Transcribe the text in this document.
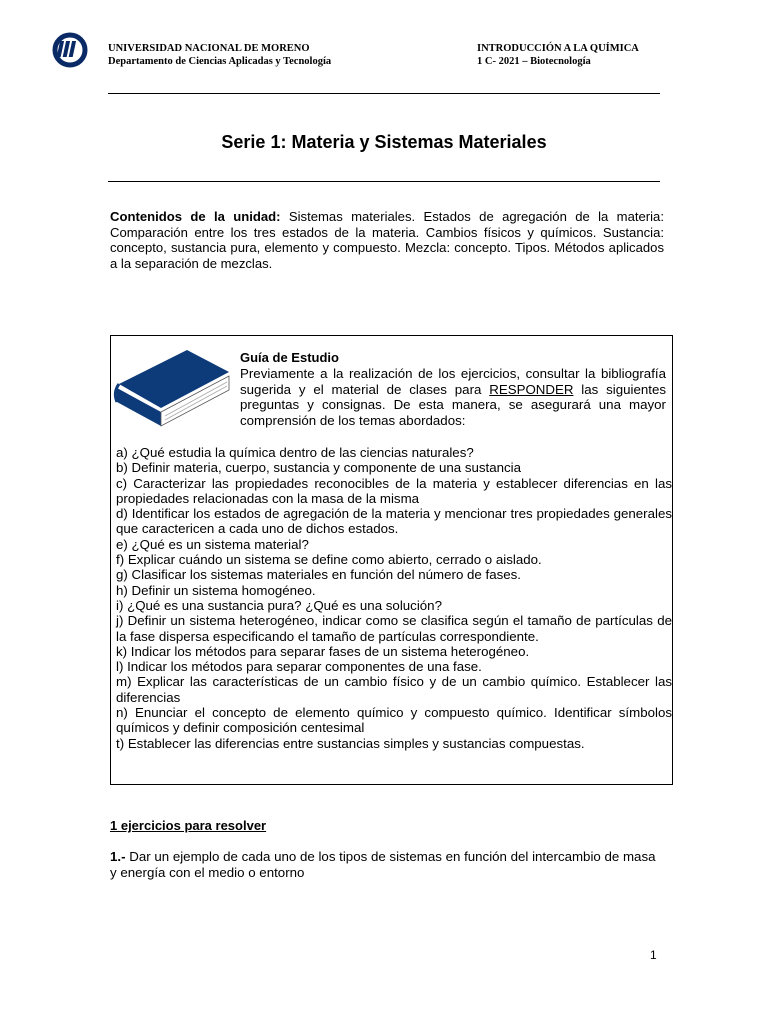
UNIVERSIDAD NACIONAL DE MORENO
Departamento de Ciencias Aplicadas y Tecnología
INTRODUCCIÓN A LA QUÍMICA
1 C- 2021 – Biotecnología
Serie 1: Materia y Sistemas Materiales
Contenidos de la unidad: Sistemas materiales. Estados de agregación de la materia: Comparación entre los tres estados de la materia. Cambios físicos y químicos. Sustancia: concepto, sustancia pura, elemento y compuesto. Mezcla: concepto. Tipos. Métodos aplicados a la separación de mezclas.
Guía de Estudio
Previamente a la realización de los ejercicios, consultar la bibliografía sugerida y el material de clases para RESPONDER las siguientes preguntas y consignas. De esta manera, se asegurará una mayor comprensión de los temas abordados:
a) ¿Qué estudia la química dentro de las ciencias naturales?
b) Definir materia, cuerpo, sustancia y componente de una sustancia
c) Caracterizar las propiedades reconocibles de la materia y establecer diferencias en las propiedades relacionadas con la masa de la misma
d) Identificar los estados de agregación de la materia y mencionar tres propiedades generales que caractericen a cada uno de dichos estados.
e) ¿Qué es un sistema material?
f) Explicar cuándo un sistema se define como abierto, cerrado o aislado.
g) Clasificar los sistemas materiales en función del número de fases.
h) Definir un sistema homogéneo.
i) ¿Qué es una sustancia pura? ¿Qué es una solución?
j) Definir un sistema heterogéneo, indicar como se clasifica según el tamaño de partículas de la fase dispersa especificando el tamaño de partículas correspondiente.
k) Indicar los métodos para separar fases de un sistema heterogéneo.
l) Indicar los métodos para separar componentes de una fase.
m) Explicar las características de un cambio físico y de un cambio químico. Establecer las diferencias
n) Enunciar el concepto de elemento químico y compuesto químico. Identificar símbolos químicos y definir composición centesimal
t) Establecer las diferencias entre sustancias simples y sustancias compuestas.
1 ejercicios para resolver
1.- Dar un ejemplo de cada uno de los tipos de sistemas en función del intercambio de masa y energía con el medio o entorno
1
